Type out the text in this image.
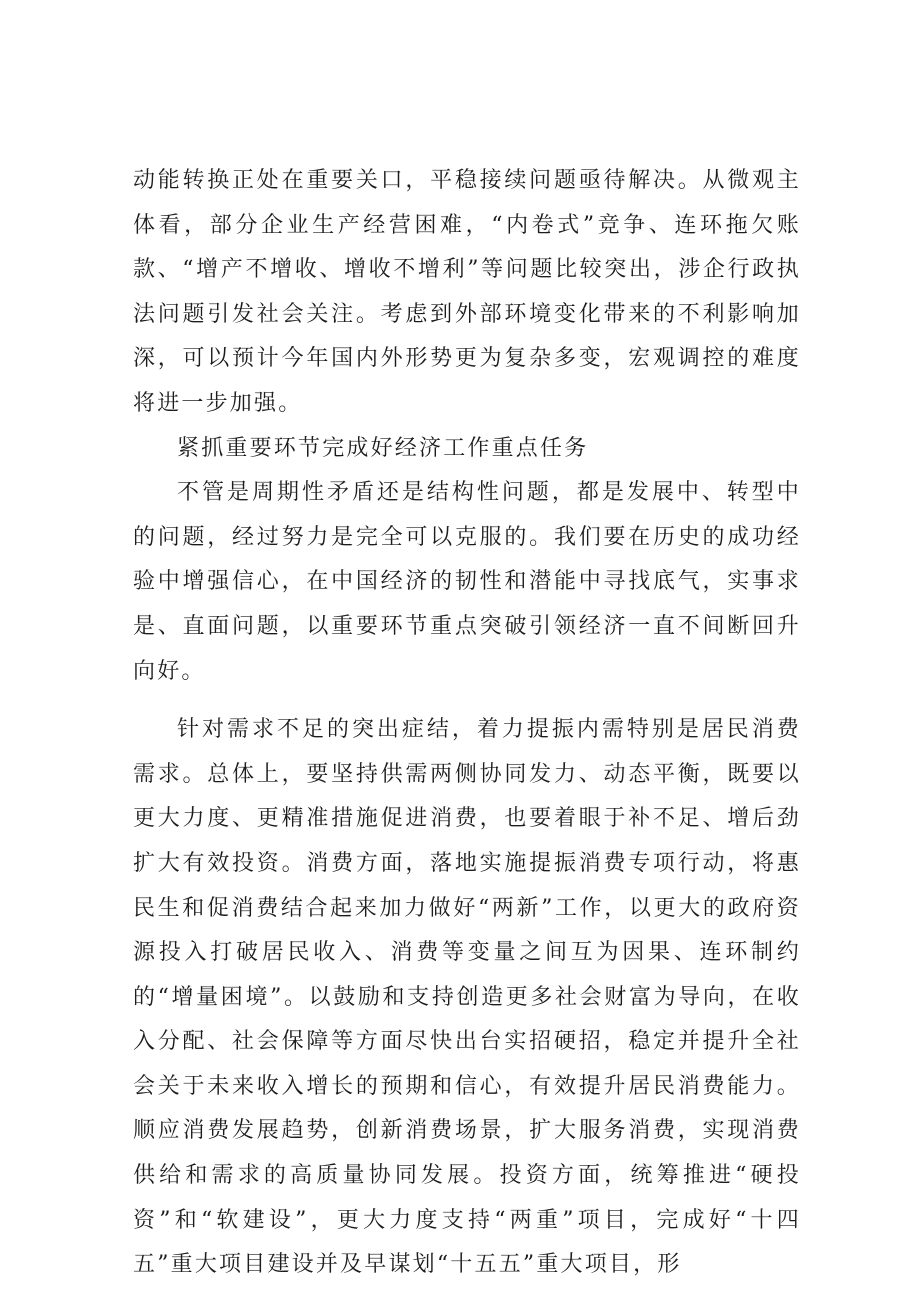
动能转换正处在重要关口，平稳接续问题亟待解决。从微观主体看，部分企业生产经营困难，“内卷式”竞争、连环拖欠账款、“增产不增收、增收不增利”等问题比较突出，涉企行政执法问题引发社会关注。考虑到外部环境变化带来的不利影响加深，可以预计今年国内外形势更为复杂多变，宏观调控的难度将进一步加强。

紧抓重要环节完成好经济工作重点任务

不管是周期性矛盾还是结构性问题，都是发展中、转型中的问题，经过努力是完全可以克服的。我们要在历史的成功经验中增强信心，在中国经济的韧性和潜能中寻找底气，实事求是、直面问题，以重要环节重点突破引领经济一直不间断回升向好。

针对需求不足的突出症结，着力提振内需特别是居民消费需求。总体上，要坚持供需两侧协同发力、动态平衡，既要以更大力度、更精准措施促进消费，也要着眼于补不足、增后劲扩大有效投资。消费方面，落地实施提振消费专项行动，将惠民生和促消费结合起来加力做好“两新”工作，以更大的政府资源投入打破居民收入、消费等变量之间互为因果、连环制约的“增量困境”。以鼓励和支持创造更多社会财富为导向，在收入分配、社会保障等方面尽快出台实招硬招，稳定并提升全社会关于未来收入增长的预期和信心，有效提升居民消费能力。顺应消费发展趋势，创新消费场景，扩大服务消费，实现消费供给和需求的高质量协同发展。投资方面，统筹推进“硬投资”和“软建设”，更大力度支持“两重”项目，完成好“十四五”重大项目建设并及早谋划“十五五”重大项目，形
